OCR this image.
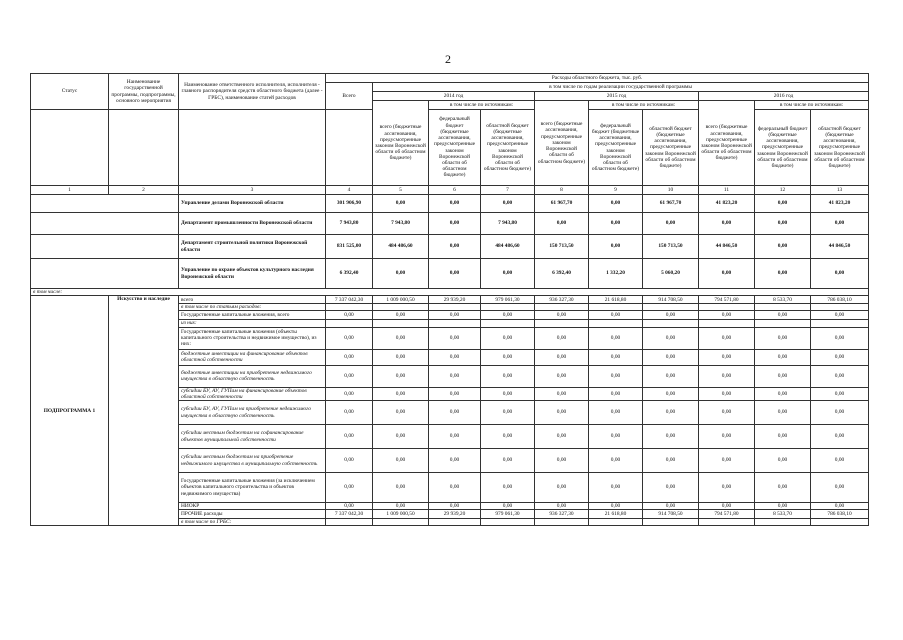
2
Статус	Наименование государственной программы, подпрограммы, основного мероприятия	Наименование ответственного исполнителя, исполнителя - главного распорядителя средств областного бюджета (далее - ГРБС), наименование статей расходов	Расходы областного бюджета, тыс. руб.									
			Всего	в том числе по годам реализации государственной программы								
				2014 год			2015 год			2016 год		
				всего (бюджетные ассигнования, предусмотренные законом Воронежской области об областном бюджете)	в том числе по источникам:		всего (бюджетные ассигнования, предусмотренные законом Воронежской области об областном бюджете)	в том числе по источникам:		всего (бюджетные ассигнования, предусмотренные законом Воронежской области об областном бюджете)	в том числе по источникам:	
					федеральный бюджет (бюджетные ассигнования, предусмотренные законом Воронежской области об областном бюджете)	областной бюджет (бюджетные ассигнования, предусмотренные законом Воронежской области об областном бюджете)		федеральный бюджет (бюджетные ассигнования, предусмотренные законом Воронежской области об областном бюджете)	областной бюджет (бюджетные ассигнования, предусмотренные законом Воронежской области об областном бюджете)		федеральный бюджет (бюджетные ассигнования, предусмотренные законом Воронежской области об областном бюджете)	областной бюджет (бюджетные ассигнования, предусмотренные законом Воронежской области об областном бюджете)
1	2	3	4	5	6	7	8	9	10	11	12	13
		Управление делами Воронежской области	301 906,90	0,00	0,00	0,00	61 967,70	0,00	61 967,70	41 823,20	0,00	41 823,20
		Департамент промышленности Воронежской области	7 943,80	7 943,80	0,00	7 943,80	0,00	0,00	0,00	0,00	0,00	0,00
		Департамент строительной политики Воронежской области	831 525,00	484 486,60	0,00	484 486,60	150 713,50	0,00	150 713,50	44 846,50	0,00	44 846,50
		Управление по охране объектов культурного наследия Воронежской области	6 392,40	0,00	0,00	0,00	6 392,40	1 332,20	5 060,20	0,00	0,00	0,00
в том числе:												
ПОДПРОГРАММА 1	Искусство и наследие	всего	7 337 042,30	1 009 000,50	29 939,20	979 061,30	936 327,30	21 618,80	914 708,50	794 571,80	8 533,70	786 038,10
		в том числе по статьям расходов:										
		Государственные капитальные вложения, всего	0,00	0,00	0,00	0,00	0,00	0,00	0,00	0,00	0,00	0,00
		из них:										
		Государственные капитальные вложения (объекты капитального строительства и недвижимое имущество), из них:	0,00	0,00	0,00	0,00	0,00	0,00	0,00	0,00	0,00	0,00
		бюджетные инвестиции на финансирование объектов областной собственности	0,00	0,00	0,00	0,00	0,00	0,00	0,00	0,00	0,00	0,00
		бюджетные инвестиции на приобретение недвижимого имущества в областную собственность	0,00	0,00	0,00	0,00	0,00	0,00	0,00	0,00	0,00	0,00
		субсидии БУ, АУ, ГУПам на финансирование объектов областной собственности	0,00	0,00	0,00	0,00	0,00	0,00	0,00	0,00	0,00	0,00
		субсидии БУ, АУ, ГУПам на приобретение недвижимого имущества в областную собственность	0,00	0,00	0,00	0,00	0,00	0,00	0,00	0,00	0,00	0,00
		субсидии местным бюджетам на софинансирование объектов муниципальной собственности	0,00	0,00	0,00	0,00	0,00	0,00	0,00	0,00	0,00	0,00
		субсидии местным бюджетам на приобретение недвижимого имущества в муниципальную собственность	0,00	0,00	0,00	0,00	0,00	0,00	0,00	0,00	0,00	0,00
		Государственные капитальные вложения (за исключением объектов капитального строительства и объектов недвижимого имущества)	0,00	0,00	0,00	0,00	0,00	0,00	0,00	0,00	0,00	0,00
		НИОКР	0,00	0,00	0,00	0,00	0,00	0,00	0,00	0,00	0,00	0,00
		ПРОЧИЕ расходы	7 337 042,30	1 009 000,50	29 939,20	979 061,30	936 327,30	21 618,80	914 708,50	794 571,80	8 533,70	786 038,10
		в том числе по ГРБС:										
